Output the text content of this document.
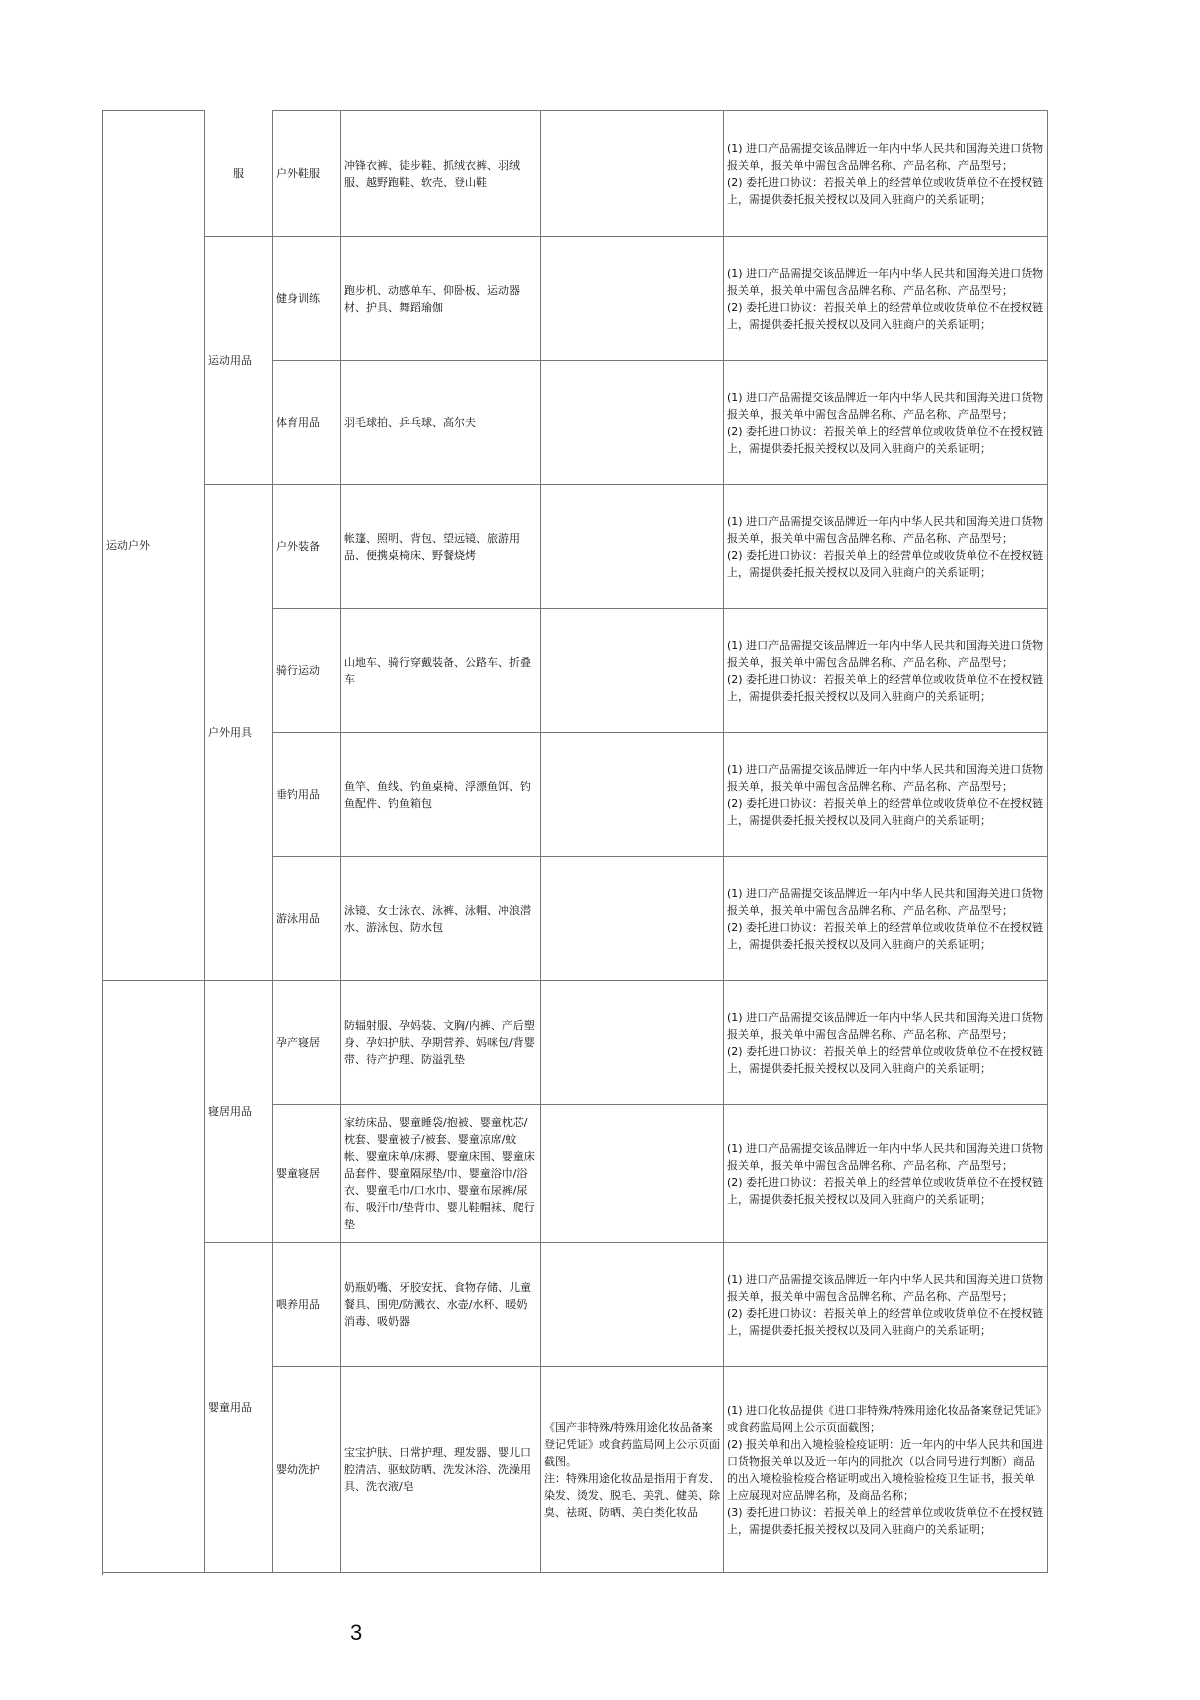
运动户外	服	户外鞋服	冲锋衣裤、徒步鞋、抓绒衣裤、羽绒服、越野跑鞋、软壳、登山鞋		(1) 进口产品需提交该品牌近一年内中华人民共和国海关进口货物报关单，报关单中需包含品牌名称、产品名称、产品型号；
(2) 委托进口协议：若报关单上的经营单位或收货单位不在授权链上，需提供委托报关授权以及同入驻商户的关系证明；

	运动用品	健身训练	跑步机、动感单车、仰卧板、运动器材、护具、舞蹈瑜伽		(1) 进口产品需提交该品牌近一年内中华人民共和国海关进口货物报关单，报关单中需包含品牌名称、产品名称、产品型号；
(2) 委托进口协议：若报关单上的经营单位或收货单位不在授权链上，需提供委托报关授权以及同入驻商户的关系证明；

		体育用品	羽毛球拍、乒乓球、高尔夫		(1) 进口产品需提交该品牌近一年内中华人民共和国海关进口货物报关单，报关单中需包含品牌名称、产品名称、产品型号；
(2) 委托进口协议：若报关单上的经营单位或收货单位不在授权链上，需提供委托报关授权以及同入驻商户的关系证明；

	户外用具	户外装备	帐篷、照明、背包、望远镜、旅游用品、便携桌椅床、野餐烧烤		(1) 进口产品需提交该品牌近一年内中华人民共和国海关进口货物报关单，报关单中需包含品牌名称、产品名称、产品型号；
(2) 委托进口协议：若报关单上的经营单位或收货单位不在授权链上，需提供委托报关授权以及同入驻商户的关系证明；

		骑行运动	山地车、骑行穿戴装备、公路车、折叠车		(1) 进口产品需提交该品牌近一年内中华人民共和国海关进口货物报关单，报关单中需包含品牌名称、产品名称、产品型号；
(2) 委托进口协议：若报关单上的经营单位或收货单位不在授权链上，需提供委托报关授权以及同入驻商户的关系证明；

		垂钓用品	鱼竿、鱼线、钓鱼桌椅、浮漂鱼饵、钓鱼配件、钓鱼箱包		(1) 进口产品需提交该品牌近一年内中华人民共和国海关进口货物报关单，报关单中需包含品牌名称、产品名称、产品型号；
(2) 委托进口协议：若报关单上的经营单位或收货单位不在授权链上，需提供委托报关授权以及同入驻商户的关系证明；

		游泳用品	泳镜、女士泳衣、泳裤、泳帽、冲浪潜水、游泳包、防水包		(1) 进口产品需提交该品牌近一年内中华人民共和国海关进口货物报关单，报关单中需包含品牌名称、产品名称、产品型号；
(2) 委托进口协议：若报关单上的经营单位或收货单位不在授权链上，需提供委托报关授权以及同入驻商户的关系证明；

	寝居用品	孕产寝居	防辐射服、孕妈装、文胸/内裤、产后塑身、孕妇护肤、孕期营养、妈咪包/背婴带、待产护理、防溢乳垫		(1) 进口产品需提交该品牌近一年内中华人民共和国海关进口货物报关单，报关单中需包含品牌名称、产品名称、产品型号；
(2) 委托进口协议：若报关单上的经营单位或收货单位不在授权链上，需提供委托报关授权以及同入驻商户的关系证明；

		婴童寝居	家纺床品、婴童睡袋/抱被、婴童枕芯/枕套、婴童被子/被套、婴童凉席/蚊帐、婴童床单/床褥、婴童床围、婴童床品套件、婴童隔尿垫/巾、婴童浴巾/浴衣、婴童毛巾/口水巾、婴童布尿裤/尿布、吸汗巾/垫背巾、婴儿鞋帽袜、爬行垫		(1) 进口产品需提交该品牌近一年内中华人民共和国海关进口货物报关单，报关单中需包含品牌名称、产品名称、产品型号；
(2) 委托进口协议：若报关单上的经营单位或收货单位不在授权链上，需提供委托报关授权以及同入驻商户的关系证明；

	婴童用品	喂养用品	奶瓶奶嘴、牙胶安抚、食物存储、儿童餐具、围兜/防溅衣、水壶/水杯、暖奶消毒、吸奶器		(1) 进口产品需提交该品牌近一年内中华人民共和国海关进口货物报关单，报关单中需包含品牌名称、产品名称、产品型号；
(2) 委托进口协议：若报关单上的经营单位或收货单位不在授权链上，需提供委托报关授权以及同入驻商户的关系证明；

		婴幼洗护	宝宝护肤、日常护理、理发器、婴儿口腔清洁、驱蚊防晒、洗发沐浴、洗澡用具、洗衣液/皂	《国产非特殊/特殊用途化妆品备案登记凭证》或食药监局网上公示页面截图。
注：特殊用途化妆品是指用于育发、染发、烫发、脱毛、美乳、健美、除臭、祛斑、防晒、美白类化妆品	(1) 进口化妆品提供《进口非特殊/特殊用途化妆品备案登记凭证》或食药监局网上公示页面截图；
(2) 报关单和出入境检验检疫证明：近一年内的中华人民共和国进口货物报关单以及近一年内的同批次（以合同号进行判断）商品的出入境检验检疫合格证明或出入境检验检疫卫生证书，报关单上应展现对应品牌名称，及商品名称；
(3) 委托进口协议：若报关单上的经营单位或收货单位不在授权链上，需提供委托报关授权以及同入驻商户的关系证明；
3
